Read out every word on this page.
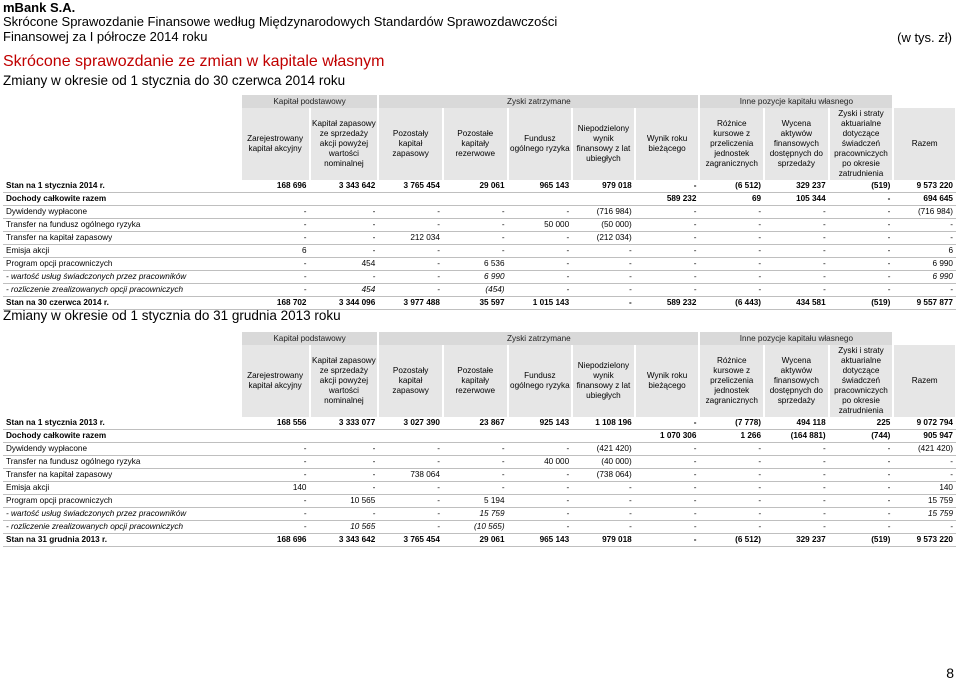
mBank S.A.
Skrócone Sprawozdanie Finansowe według Międzynarodowych Standardów Sprawozdawczości
Finansowej za I półrocze 2014 roku	(w tys. zł)
Skrócone sprawozdanie ze zmian w kapitale własnym
Zmiany w okresie od 1 stycznia do 30 czerwca 2014 roku
	Kapitał podstawowy		Zyski zatrzymane					Inne pozycje kapitału własnego			
	Zarejestrowany kapitał akcyjny	Kapitał zapasowy ze sprzedaży akcji powyżej wartości nominalnej	Pozostały kapitał zapasowy	Pozostałe kapitały rezerwowe	Fundusz ogólnego ryzyka	Niepodzielony wynik finansowy z lat ubiegłych	Wynik roku bieżącego	Różnice kursowe z przeliczenia jednostek zagranicznych	Wycena aktywów finansowych dostępnych do sprzedaży	Zyski i straty aktuarialne dotyczące świadczeń pracowniczych po okresie zatrudnienia	Razem
Stan na 1 stycznia 2014 r.	168 696	3 343 642	3 765 454	29 061	965 143	979 018	-	(6 512)	329 237	(519)	9 573 220
Dochody całkowite razem							589 232	69	105 344	-	694 645
Dywidendy wypłacone	-	-	-	-	-	(716 984)	-	-	-	-	(716 984)
Transfer na fundusz ogólnego ryzyka	-	-	-	-	50 000	(50 000)	-	-	-	-	-
Transfer na kapitał zapasowy	-	-	212 034	-	-	(212 034)	-	-	-	-	-
Emisja akcji	6	-	-	-	-	-	-	-	-	-	6
Program opcji pracowniczych	-	454	-	6 536	-	-	-	-	-	-	6 990
- wartość usług świadczonych przez pracowników	-	-	-	6 990	-	-	-	-	-	-	6 990
- rozliczenie zrealizowanych opcji pracowniczych	-	454	-	(454)	-	-	-	-	-	-	-
Stan na 30 czerwca 2014 r.	168 702	3 344 096	3 977 488	35 597	1 015 143	-	589 232	(6 443)	434 581	(519)	9 557 877
Zmiany w okresie od 1 stycznia do 31 grudnia 2013 roku
	Kapitał podstawowy		Zyski zatrzymane					Inne pozycje kapitału własnego			
	Zarejestrowany kapitał akcyjny	Kapitał zapasowy ze sprzedaży akcji powyżej wartości nominalnej	Pozostały kapitał zapasowy	Pozostałe kapitały rezerwowe	Fundusz ogólnego ryzyka	Niepodzielony wynik finansowy z lat ubiegłych	Wynik roku bieżącego	Różnice kursowe z przeliczenia jednostek zagranicznych	Wycena aktywów finansowych dostępnych do sprzedaży	Zyski i straty aktuarialne dotyczące świadczeń pracowniczych po okresie zatrudnienia	Razem
Stan na 1 stycznia 2013 r.	168 556	3 333 077	3 027 390	23 867	925 143	1 108 196	-	(7 778)	494 118	225	9 072 794
Dochody całkowite razem							1 070 306	1 266	(164 881)	(744)	905 947
Dywidendy wypłacone	-	-	-	-	-	(421 420)	-	-	-	-	(421 420)
Transfer na fundusz ogólnego ryzyka	-	-	-	-	40 000	(40 000)	-	-	-	-	-
Transfer na kapitał zapasowy	-	-	738 064	-	-	(738 064)	-	-	-	-	-
Emisja akcji	140	-	-	-	-	-	-	-	-	-	140
Program opcji pracowniczych	-	10 565	-	5 194	-	-	-	-	-	-	15 759
- wartość usług świadczonych przez pracowników	-	-	-	15 759	-	-	-	-	-	-	15 759
- rozliczenie zrealizowanych opcji pracowniczych	-	10 565	-	(10 565)	-	-	-	-	-	-	-
Stan na 31 grudnia 2013 r.	168 696	3 343 642	3 765 454	29 061	965 143	979 018	-	(6 512)	329 237	(519)	9 573 220
8
